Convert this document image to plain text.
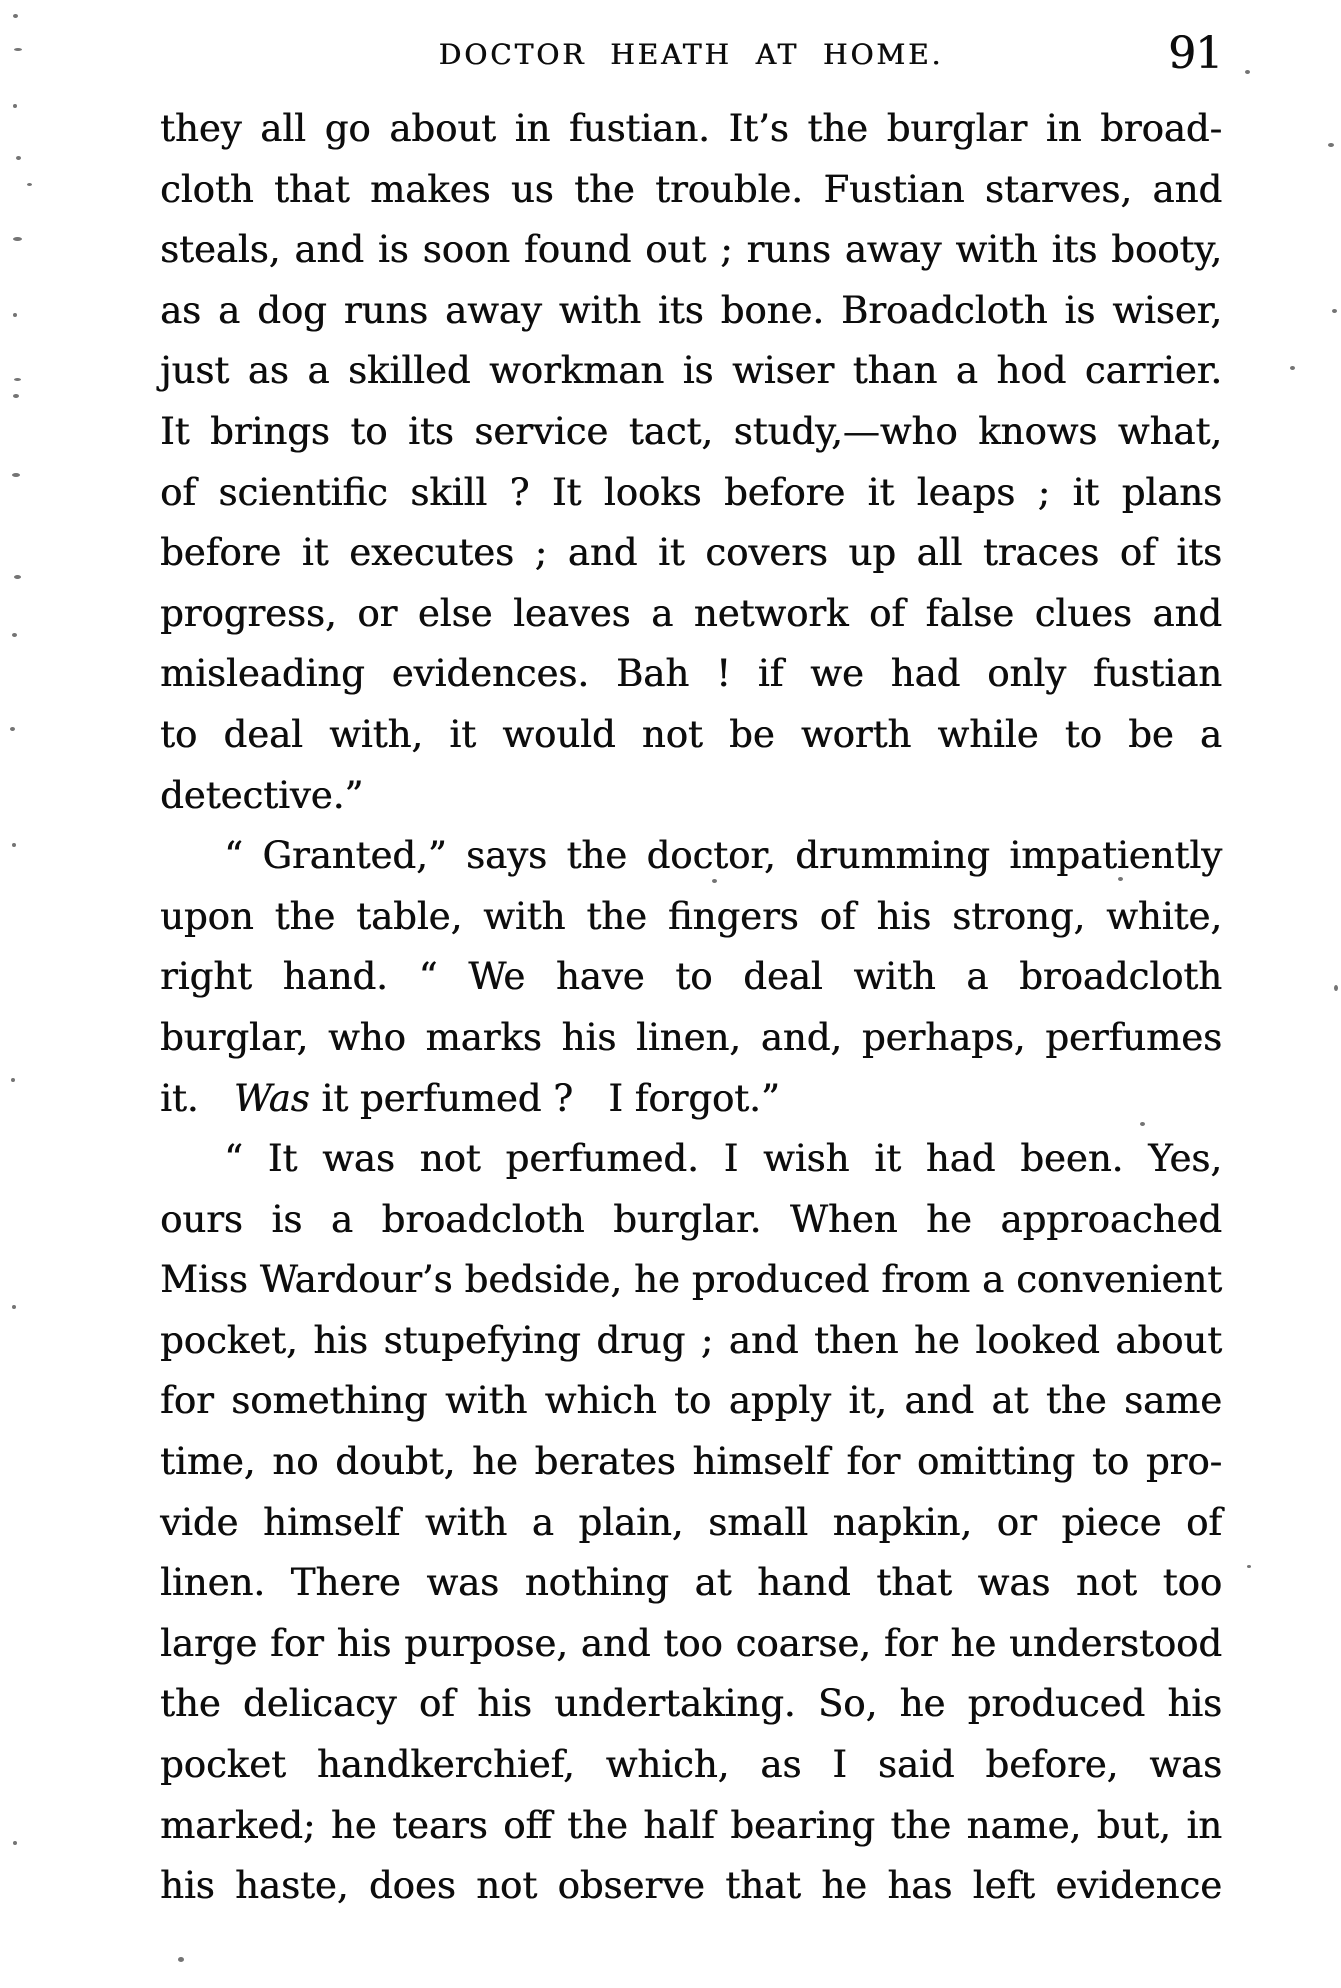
DOCTOR HEATH AT HOME.	91
they all go about in fustian. It’s the burglar in broad-
cloth that makes us the trouble. Fustian starves, and
steals, and is soon found out ; runs away with its booty,
as a dog runs away with its bone. Broadcloth is wiser,
just as a skilled workman is wiser than a hod carrier.
It brings to its service tact, study,—who knows what,
of scientific skill ? It looks before it leaps ; it plans
before it executes ; and it covers up all traces of its
progress, or else leaves a network of false clues and
misleading evidences. Bah ! if we had only fustian
to deal with, it would not be worth while to be a
detective.”
“ Granted,” says the doctor, drumming impatiently
upon the table, with the fingers of his strong, white,
right hand. “ We have to deal with a broadcloth
burglar, who marks his linen, and, perhaps, perfumes
it.   Was it perfumed ?   I forgot.”
“ It was not perfumed. I wish it had been. Yes,
ours is a broadcloth burglar. When he approached
Miss Wardour’s bedside, he produced from a convenient
pocket, his stupefying drug ; and then he looked about
for something with which to apply it, and at the same
time, no doubt, he berates himself for omitting to pro-
vide himself with a plain, small napkin, or piece of
linen. There was nothing at hand that was not too
large for his purpose, and too coarse, for he understood
the delicacy of his undertaking. So, he produced his
pocket handkerchief, which, as I said before, was
marked; he tears off the half bearing the name, but, in
his haste, does not observe that he has left evidence
